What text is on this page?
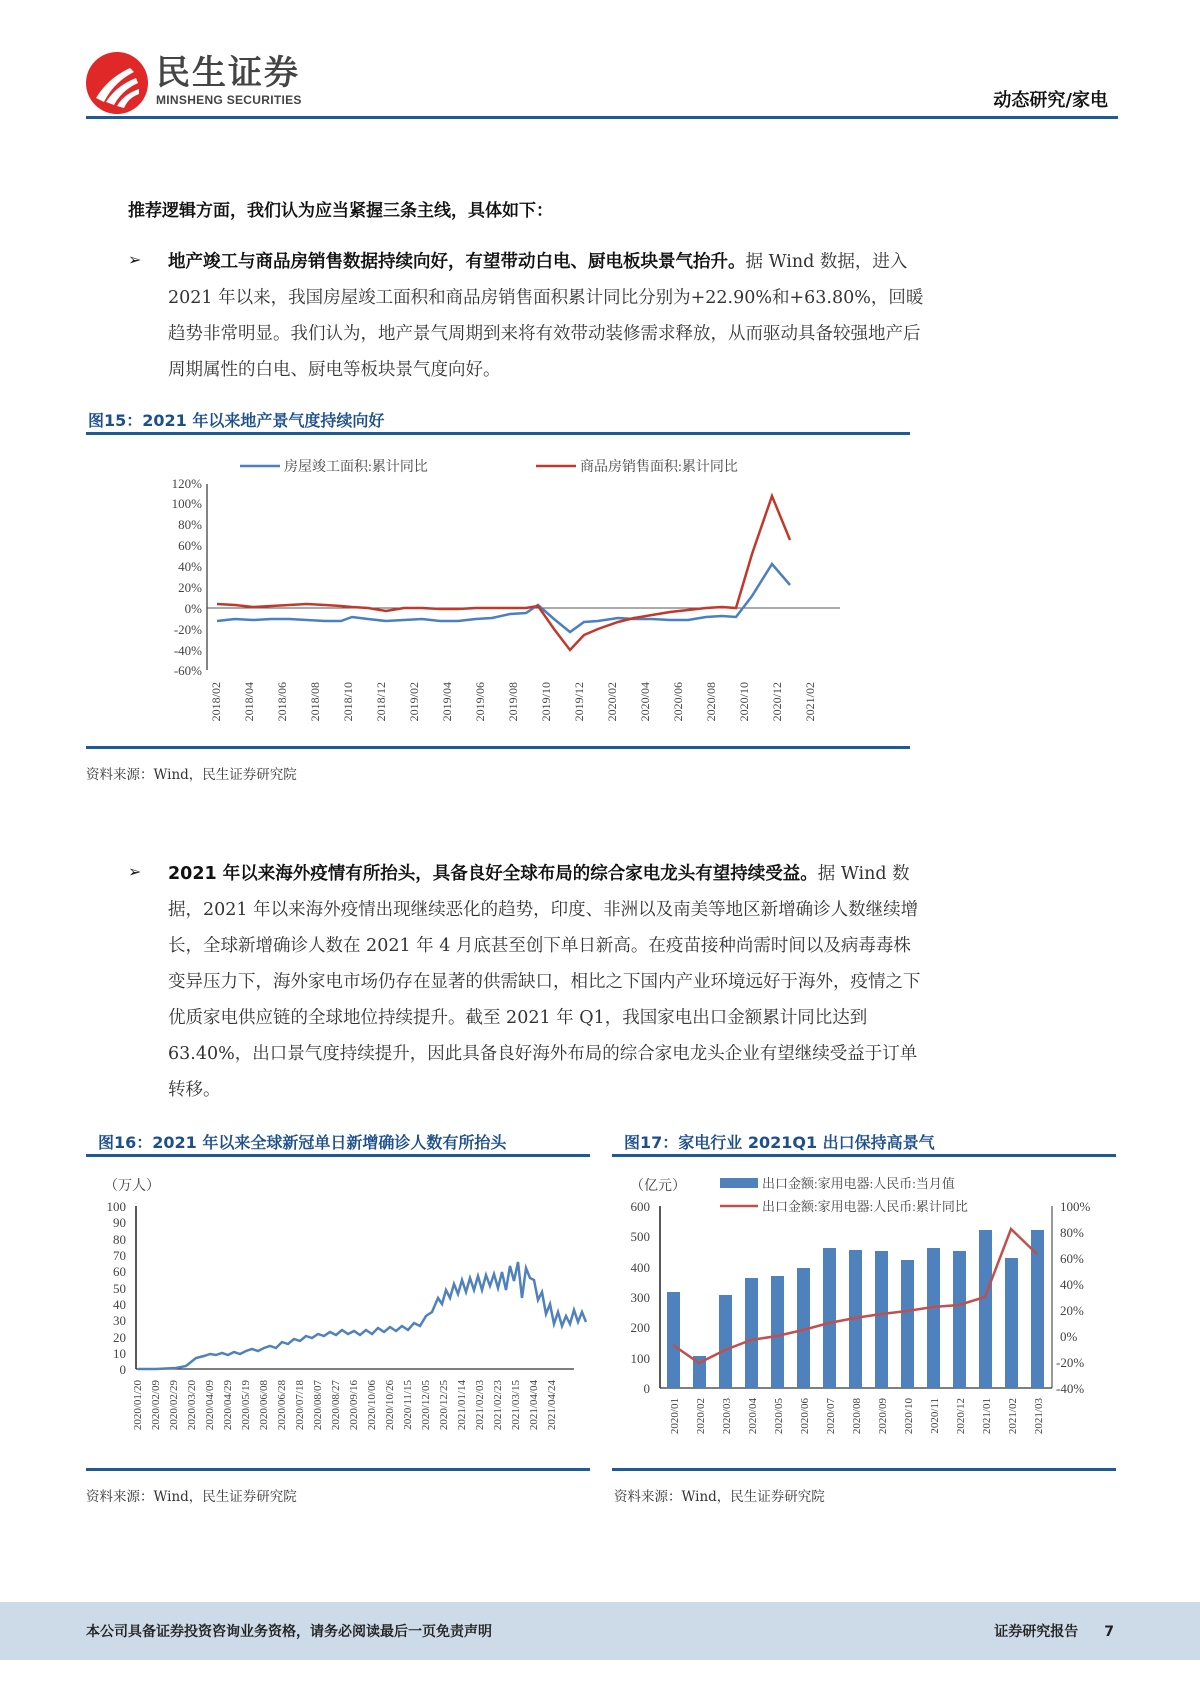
民生证券
MINSHENG SECURITIES	动态研究/家电
推荐逻辑方面，我们认为应当紧握三条主线，具体如下：
➢ 地产竣工与商品房销售数据持续向好，有望带动白电、厨电板块景气抬升。据 Wind 数据，进入 2021 年以来，我国房屋竣工面积和商品房销售面积累计同比分别为+22.90%和+63.80%，回暖趋势非常明显。我们认为，地产景气周期到来将有效带动装修需求释放，从而驱动具备较强地产后周期属性的白电、厨电等板块景气度向好。
图15：2021 年以来地产景气度持续向好
房屋竣工面积:累计同比	商品房销售面积:累计同比
120%
100%
80%
60%
40%
20%
0%
-20%
-40%
-60%
2018/02 2018/04 2018/06 2018/08 2018/10 2018/12 2019/02 2019/04 2019/06 2019/08 2019/10 2019/12 2020/02 2020/04 2020/06 2020/08 2020/10 2020/12 2021/02
资料来源：Wind，民生证券研究院
➢ 2021 年以来海外疫情有所抬头，具备良好全球布局的综合家电龙头有望持续受益。据 Wind 数据，2021 年以来海外疫情出现继续恶化的趋势，印度、非洲以及南美等地区新增确诊人数继续增长，全球新增确诊人数在 2021 年 4 月底甚至创下单日新高。在疫苗接种尚需时间以及病毒毒株变异压力下，海外家电市场仍存在显著的供需缺口，相比之下国内产业环境远好于海外，疫情之下优质家电供应链的全球地位持续提升。截至 2021 年 Q1，我国家电出口金额累计同比达到 63.40%，出口景气度持续提升，因此具备良好海外布局的综合家电龙头企业有望继续受益于订单转移。
图16：2021 年以来全球新冠单日新增确诊人数有所抬头
（万人）
100
90
80
70
60
50
40
30
20
10
0
2020/01/20 2020/02/09 2020/02/29 2020/03/20 2020/04/09 2020/04/29 2020/05/19 2020/06/08 2020/06/28 2020/07/18 2020/08/07 2020/08/27 2020/09/16 2020/10/06 2020/10/26 2020/11/15 2020/12/05 2020/12/25 2021/01/14 2021/02/03 2021/02/23 2021/03/15 2021/04/04 2021/04/24
资料来源：Wind，民生证券研究院
图17：家电行业 2021Q1 出口保持高景气
（亿元）	出口金额:家用电器:人民币:当月值
出口金额:家用电器:人民币:累计同比
600
500
400
300
200
100
0
100%
80%
60%
40%
20%
0%
-20%
-40%
2020/01 2020/02 2020/03 2020/04 2020/05 2020/06 2020/07 2020/08 2020/09 2020/10 2020/11 2020/12 2021/01 2021/02 2021/03
资料来源：Wind，民生证券研究院
本公司具备证券投资咨询业务资格，请务必阅读最后一页免责声明	证券研究报告 7
